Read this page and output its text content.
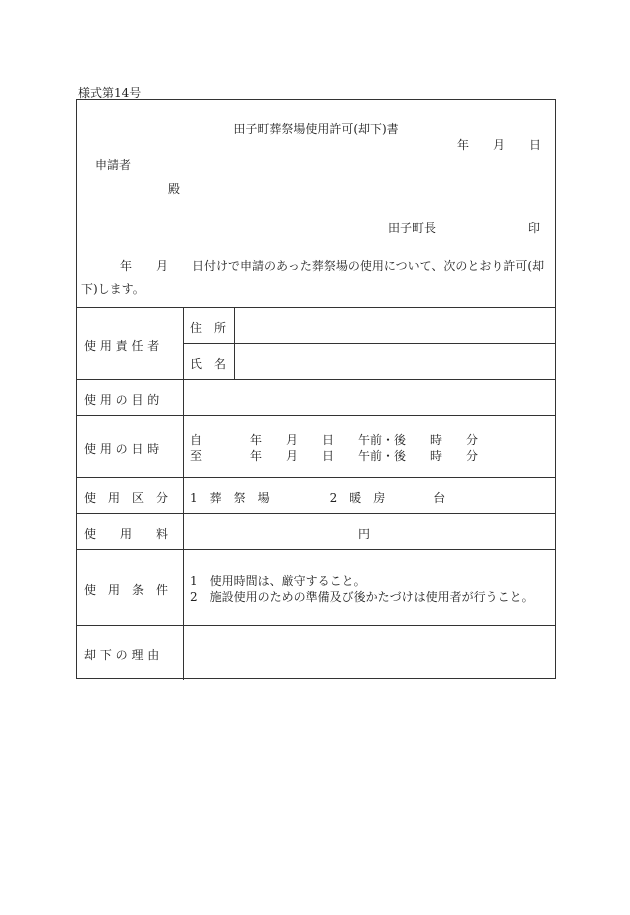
様式第14号
田子町葬祭場使用許可(却下)書
年 月 日
申請者
殿
田子町長	印
年　　月　　日付けで申請のあった葬祭場の使用について、次のとおり許可(却
下)します。
使 用 責 任 者
住　所
氏　名
使 用 の 目 的
使 用 の 日 時
自　　　　年　　月　　日　　午前・後　　時　　分
至　　　　年　　月　　日　　午前・後　　時　　分
使　用　区　分 1　葬　祭　場　　　　　2　暖　房　　　　台
使　　用　　料	円
使　用　条　件
1　使用時間は、厳守すること。
2　施設使用のための準備及び後かたづけは使用者が行うこと。
却 下 の 理 由
